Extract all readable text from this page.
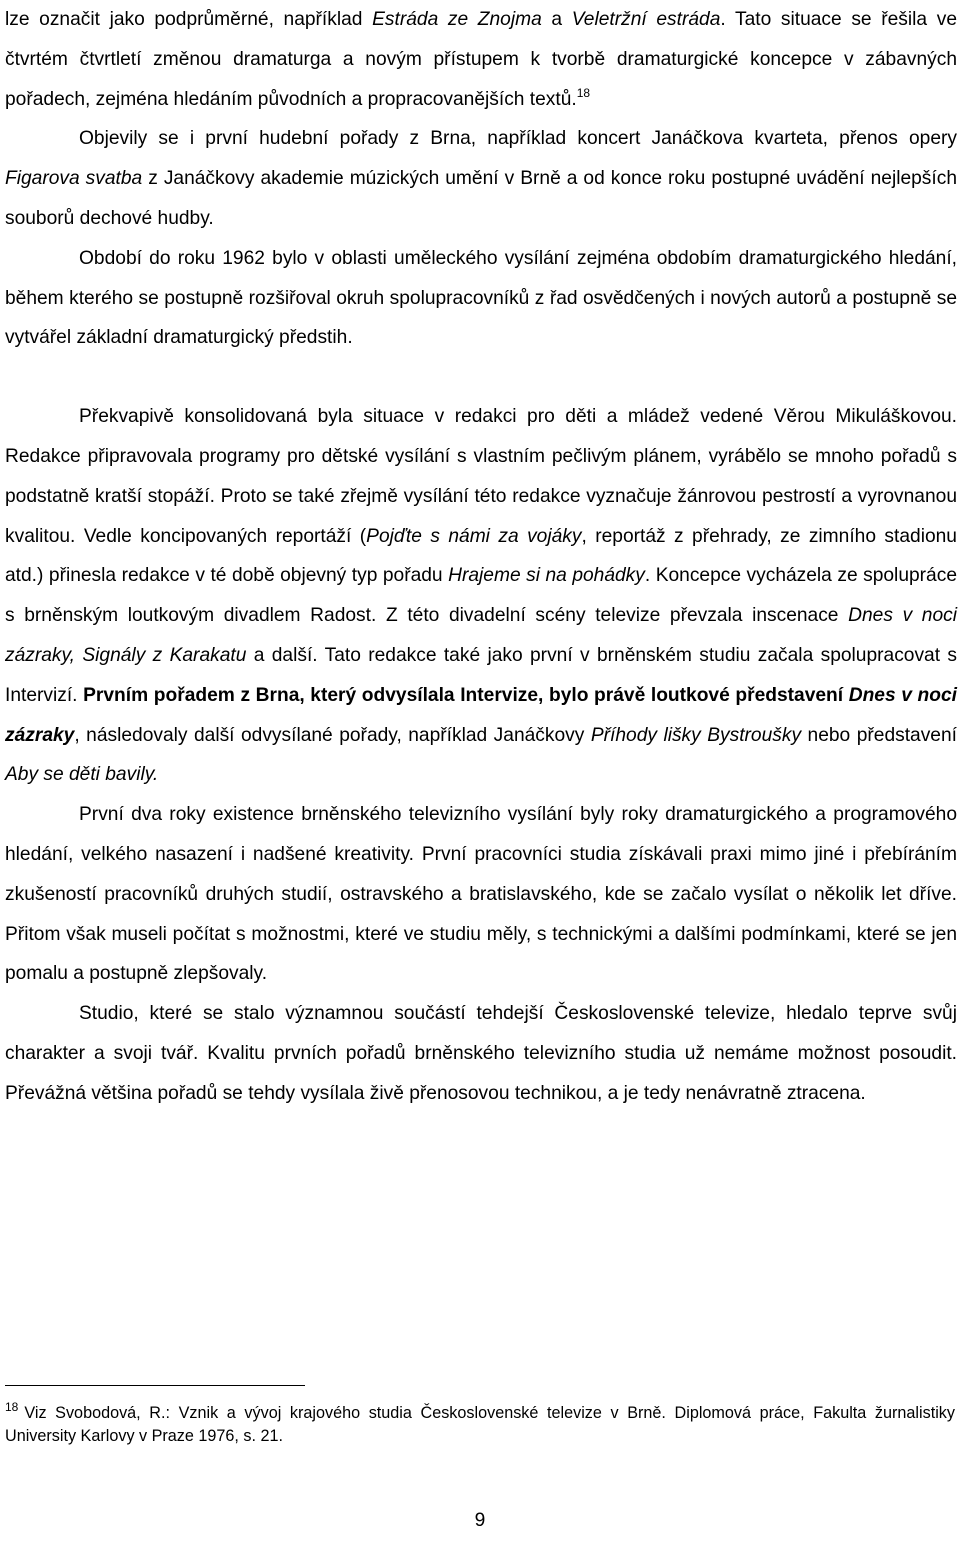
lze označit jako podprůměrné, například Estráda ze Znojma a Veletržní estráda. Tato situace se řešila ve čtvrtém čtvrtletí změnou dramaturga a novým přístupem k tvorbě dramaturgické koncepce v zábavných pořadech, zejména hledáním původních a propracovanějších textů.$^{18}$

Objevily se i první hudební pořady z Brna, například koncert Janáčkova kvarteta, přenos opery Figarova svatba z Janáčkovy akademie múzických umění v Brně a od konce roku postupné uvádění nejlepších souborů dechové hudby.

Období do roku 1962 bylo v oblasti uměleckého vysílání zejména obdobím dramaturgického hledání, během kterého se postupně rozšiřoval okruh spolupracovníků z řad osvědčených i nových autorů a postupně se vytvářel základní dramaturgický předstih.

Překvapivě konsolidovaná byla situace v redakci pro děti a mládež vedené Věrou Mikuláškovou. Redakce připravovala programy pro dětské vysílání s vlastním pečlivým plánem, vyrábělo se mnoho pořadů s podstatně kratší stopáží. Proto se také zřejmě vysílání této redakce vyznačuje žánrovou pestrostí a vyrovnanou kvalitou. Vedle koncipovaných reportáží (Pojďte s námi za vojáky, reportáž z přehrady, ze zimního stadionu atd.) přinesla redakce v té době objevný typ pořadu Hrajeme si na pohádky. Koncepce vycházela ze spolupráce s brněnským loutkovým divadlem Radost. Z této divadelní scény televize převzala inscenace Dnes v noci zázraky, Signály z Karakatu a další. Tato redakce také jako první v brněnském studiu začala spolupracovat s Intervizí. Prvním pořadem z Brna, který odvysílala Intervize, bylo právě loutkové představení Dnes v noci zázraky, následovaly další odvysílané pořady, například Janáčkovy Příhody lišky Bystroušky nebo představení Aby se děti bavily.

První dva roky existence brněnského televizního vysílání byly roky dramaturgického a programového hledání, velkého nasazení i nadšené kreativity. První pracovníci studia získávali praxi mimo jiné i přebíráním zkušeností pracovníků druhých studií, ostravského a bratislavského, kde se začalo vysílat o několik let dříve. Přitom však museli počítat s možnostmi, které ve studiu měly, s technickými a dalšími podmínkami, které se jen pomalu a postupně zlepšovaly.

Studio, které se stalo významnou součástí tehdejší Československé televize, hledalo teprve svůj charakter a svoji tvář. Kvalitu prvních pořadů brněnského televizního studia už nemáme možnost posoudit. Převážná většina pořadů se tehdy vysílala živě přenosovou technikou, a je tedy nenávratně ztracena.

$^{18}$ Viz Svobodová, R.: Vznik a vývoj krajového studia Československé televize v Brně. Diplomová práce, Fakulta žurnalistiky University Karlovy v Praze 1976, s. 21.

9
